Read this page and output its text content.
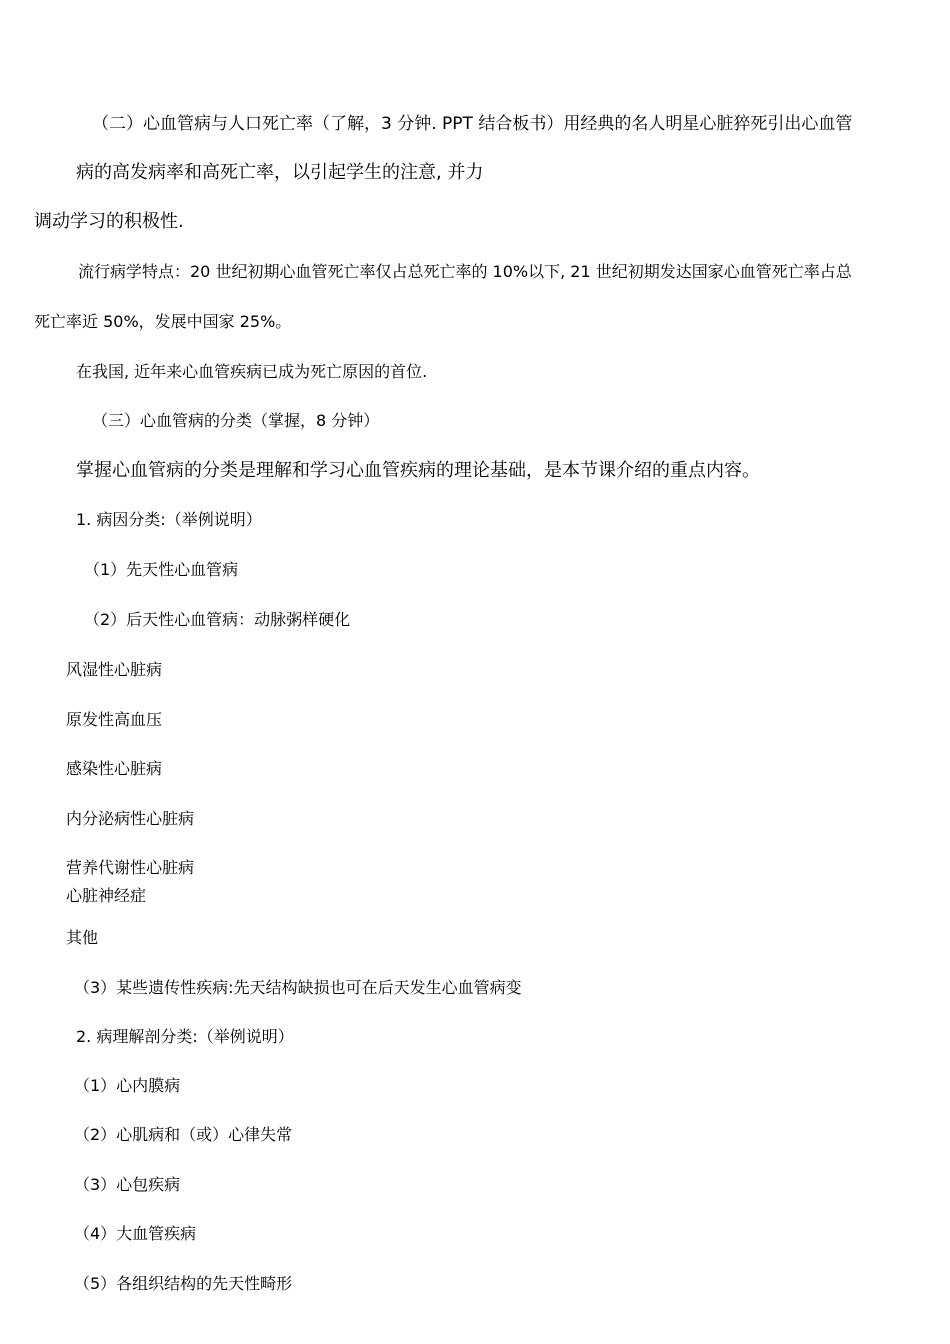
（二）心血管病与人口死亡率（了解，3 分钟. PPT 结合板书）用经典的名人明星心脏猝死引出心血管
病的高发病率和高死亡率，以引起学生的注意, 并力
调动学习的积极性.
流行病学特点：20 世纪初期心血管死亡率仅占总死亡率的 10%以下, 21 世纪初期发达国家心血管死亡率占总
死亡率近 50%，发展中国家 25%。
在我国, 近年来心血管疾病已成为死亡原因的首位.
（三）心血管病的分类（掌握，8 分钟）
掌握心血管病的分类是理解和学习心血管疾病的理论基础，是本节课介绍的重点内容。
1. 病因分类:（举例说明）
（1）先天性心血管病
（2）后天性心血管病：动脉粥样硬化
风湿性心脏病
原发性高血压
感染性心脏病
内分泌病性心脏病
营养代谢性心脏病
心脏神经症
其他
（3）某些遗传性疾病:先天结构缺损也可在后天发生心血管病变
2. 病理解剖分类:（举例说明）
（1）心内膜病
（2）心肌病和（或）心律失常
（3）心包疾病
（4）大血管疾病
（5）各组织结构的先天性畸形
